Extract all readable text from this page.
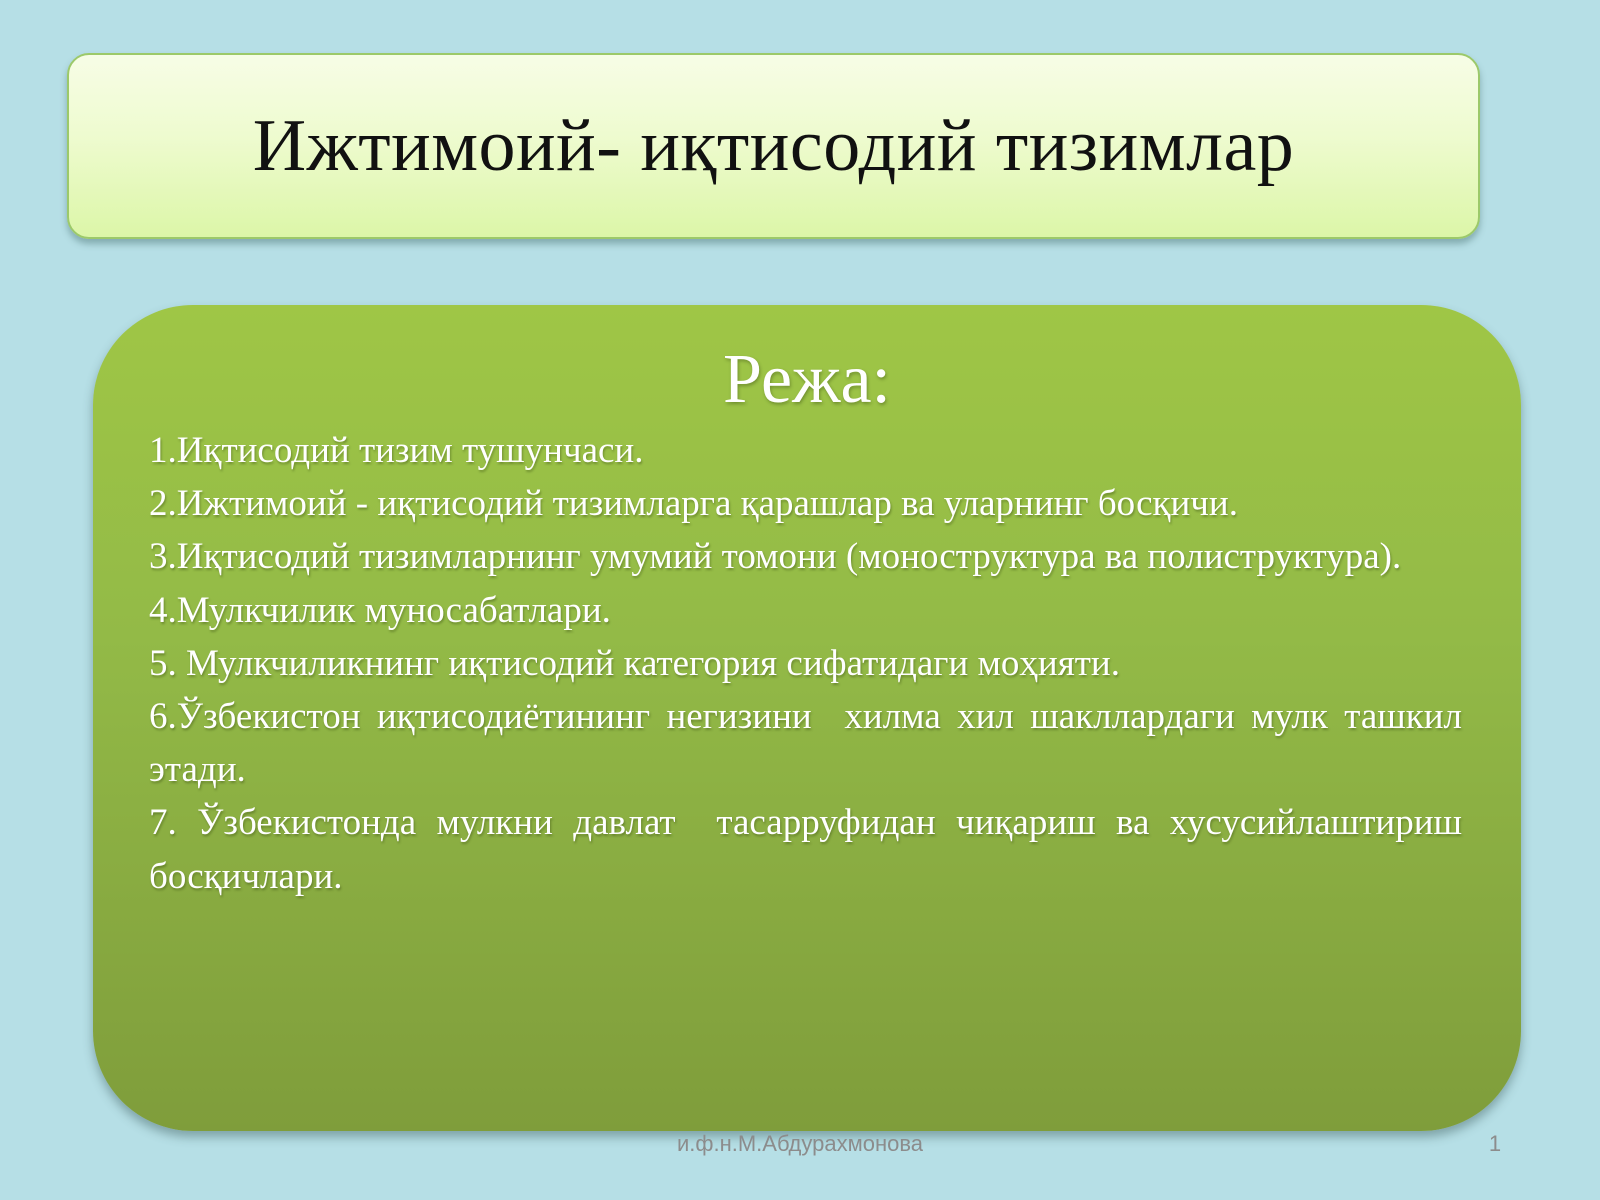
Ижтимоий- иқтисодий тизимлар
Режа:
1.Иқтисодий тизим тушунчаси.
2.Ижтимоий - иқтисодий тизимларга қарашлар ва уларнинг босқичи.
3.Иқтисодий тизимларнинг умумий томони (моноструктура ва полиструктура).
4.Мулкчилик муносабатлари.
5. Мулкчиликнинг иқтисодий категория сифатидаги моҳияти.
6.Ўзбекистон иқтисодиётининг негизини  хилма хил шакллардаги мулк ташкил этади.
7. Ўзбекистонда мулкни давлат  тасарруфидан чиқариш ва хусусийлаштириш босқичлари.
и.ф.н.М.Абдурахмонова	1
